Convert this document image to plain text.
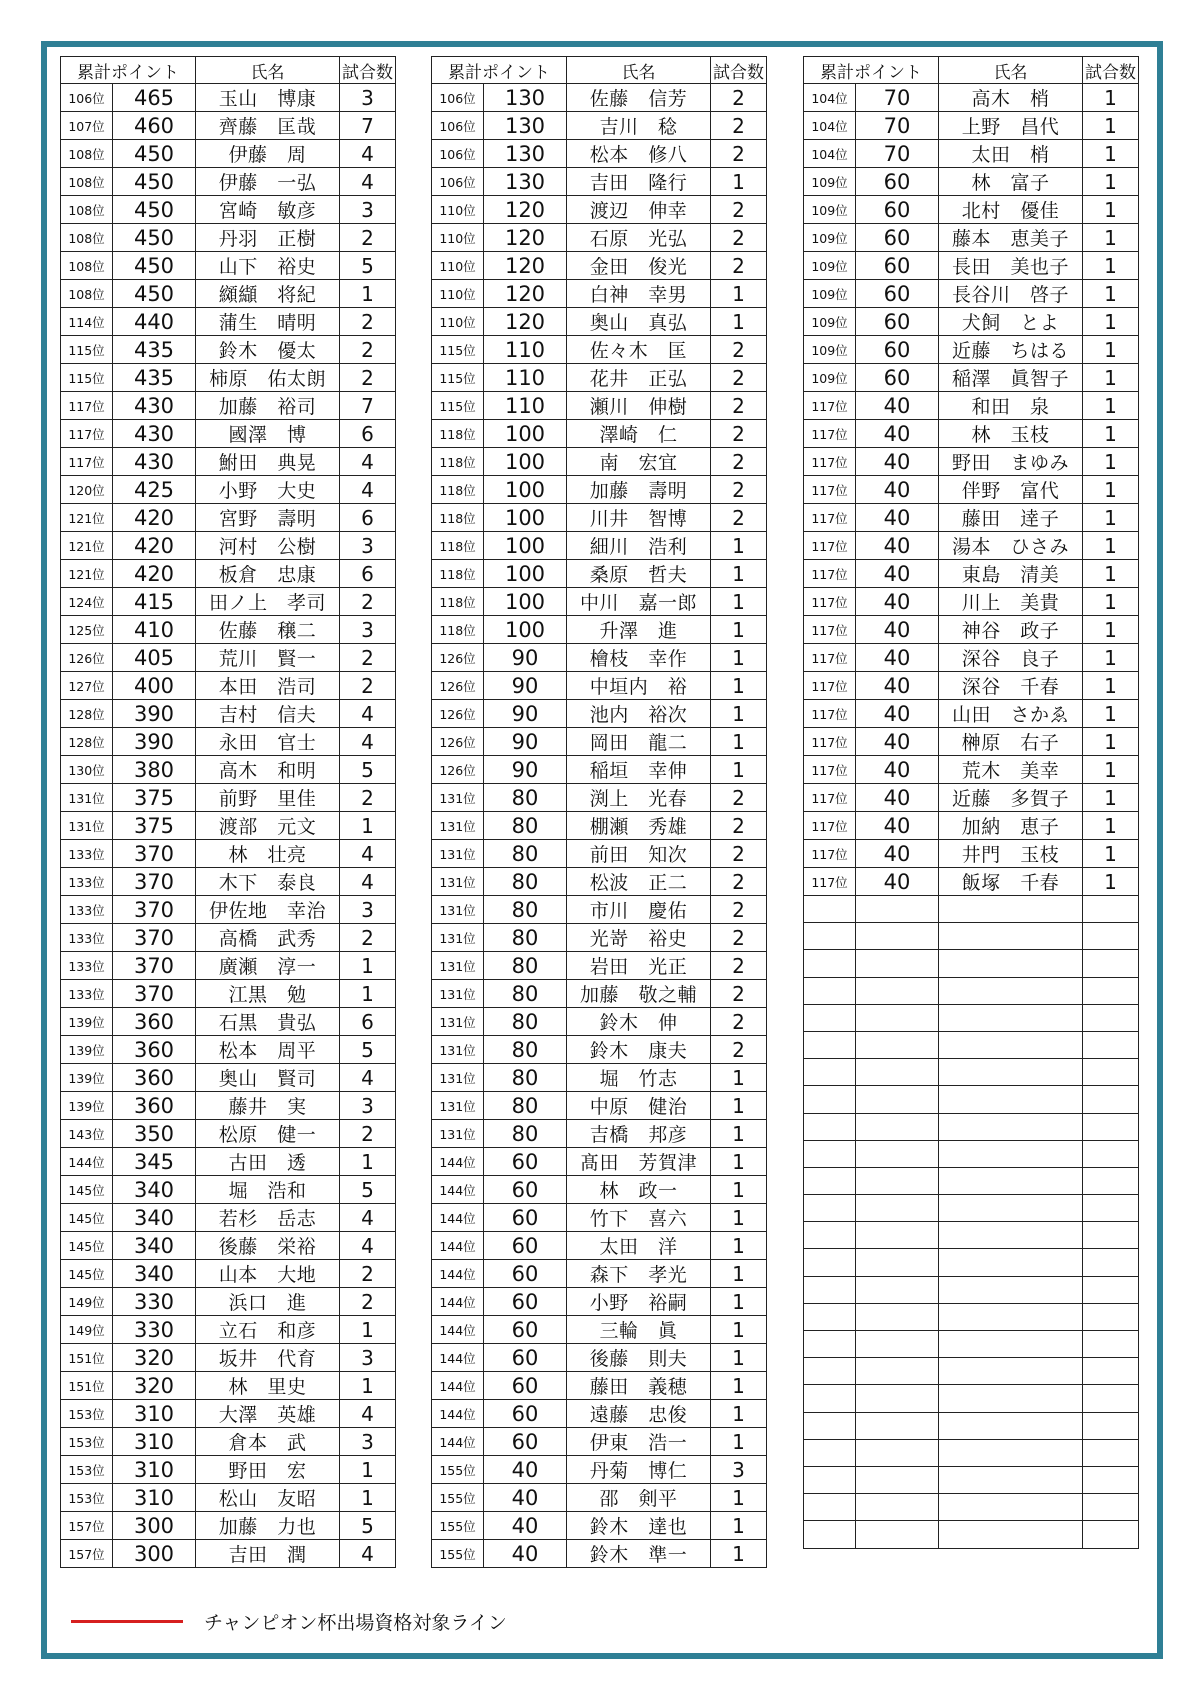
累計ポイント		氏名	試合数
106位	465	玉山　博康	3
107位	460	齊藤　匡哉	7
108位	450	伊藤　周	4
108位	450	伊藤　一弘	4
108位	450	宮崎　敏彦	3
108位	450	丹羽　正樹	2
108位	450	山下　裕史	5
108位	450	纐纈　将紀	1
114位	440	蒲生　晴明	2
115位	435	鈴木　優太	2
115位	435	柿原　佑太朗	2
117位	430	加藤　裕司	7
117位	430	國澤　博	6
117位	430	鮒田　典晃	4
120位	425	小野　大史	4
121位	420	宮野　壽明	6
121位	420	河村　公樹	3
121位	420	板倉　忠康	6
124位	415	田ノ上　孝司	2
125位	410	佐藤　穣二	3
126位	405	荒川　賢一	2
127位	400	本田　浩司	2
128位	390	吉村　信夫	4
128位	390	永田　官士	4
130位	380	高木　和明	5
131位	375	前野　里佳	2
131位	375	渡部　元文	1
133位	370	林　壮亮	4
133位	370	木下　泰良	4
133位	370	伊佐地　幸治	3
133位	370	高橋　武秀	2
133位	370	廣瀬　淳一	1
133位	370	江黒　勉	1
139位	360	石黒　貴弘	6
139位	360	松本　周平	5
139位	360	奥山　賢司	4
139位	360	藤井　実	3
143位	350	松原　健一	2
144位	345	古田　透	1
145位	340	堀　浩和	5
145位	340	若杉　岳志	4
145位	340	後藤　栄裕	4
145位	340	山本　大地	2
149位	330	浜口　進	2
149位	330	立石　和彦	1
151位	320	坂井　代育	3
151位	320	林　里史	1
153位	310	大澤　英雄	4
153位	310	倉本　武	3
153位	310	野田　宏	1
153位	310	松山　友昭	1
157位	300	加藤　力也	5
157位	300	吉田　潤	4
累計ポイント		氏名	試合数
106位	130	佐藤　信芳	2
106位	130	吉川　稔	2
106位	130	松本　修八	2
106位	130	吉田　隆行	1
110位	120	渡辺　伸幸	2
110位	120	石原　光弘	2
110位	120	金田　俊光	2
110位	120	白神　幸男	1
110位	120	奥山　真弘	1
115位	110	佐々木　匡	2
115位	110	花井　正弘	2
115位	110	瀬川　伸樹	2
118位	100	澤崎　仁	2
118位	100	南　宏宜	2
118位	100	加藤　壽明	2
118位	100	川井　智博	2
118位	100	細川　浩利	1
118位	100	桑原　哲夫	1
118位	100	中川　嘉一郎	1
118位	100	升澤　進	1
126位	90	檜枝　幸作	1
126位	90	中垣内　裕	1
126位	90	池内　裕次	1
126位	90	岡田　龍二	1
126位	90	稲垣　幸伸	1
131位	80	渕上　光春	2
131位	80	棚瀬　秀雄	2
131位	80	前田　知次	2
131位	80	松波　正二	2
131位	80	市川　慶佑	2
131位	80	光嵜　裕史	2
131位	80	岩田　光正	2
131位	80	加藤　敬之輔	2
131位	80	鈴木　伸	2
131位	80	鈴木　康夫	2
131位	80	堀　竹志	1
131位	80	中原　健治	1
131位	80	吉橋　邦彦	1
144位	60	髙田　芳賀津	1
144位	60	林　政一	1
144位	60	竹下　喜六	1
144位	60	太田　洋	1
144位	60	森下　孝光	1
144位	60	小野　裕嗣	1
144位	60	三輪　眞	1
144位	60	後藤　則夫	1
144位	60	藤田　義穂	1
144位	60	遠藤　忠俊	1
144位	60	伊東　浩一	1
155位	40	丹菊　博仁	3
155位	40	邵　剣平	1
155位	40	鈴木　達也	1
155位	40	鈴木　準一	1
累計ポイント		氏名	試合数
104位	70	高木　梢	1
104位	70	上野　昌代	1
104位	70	太田　梢	1
109位	60	林　富子	1
109位	60	北村　優佳	1
109位	60	藤本　恵美子	1
109位	60	長田　美也子	1
109位	60	長谷川　啓子	1
109位	60	犬飼　とよ	1
109位	60	近藤　ちはる	1
109位	60	稲澤　眞智子	1
117位	40	和田　泉	1
117位	40	林　玉枝	1
117位	40	野田　まゆみ	1
117位	40	伴野　富代	1
117位	40	藤田　逹子	1
117位	40	湯本　ひさみ	1
117位	40	東島　清美	1
117位	40	川上　美貴	1
117位	40	神谷　政子	1
117位	40	深谷　良子	1
117位	40	深谷　千春	1
117位	40	山田　さかゑ	1
117位	40	榊原　右子	1
117位	40	荒木　美幸	1
117位	40	近藤　多賀子	1
117位	40	加納　恵子	1
117位	40	井門　玉枝	1
117位	40	飯塚　千春	1

チャンピオン杯出場資格対象ライン
